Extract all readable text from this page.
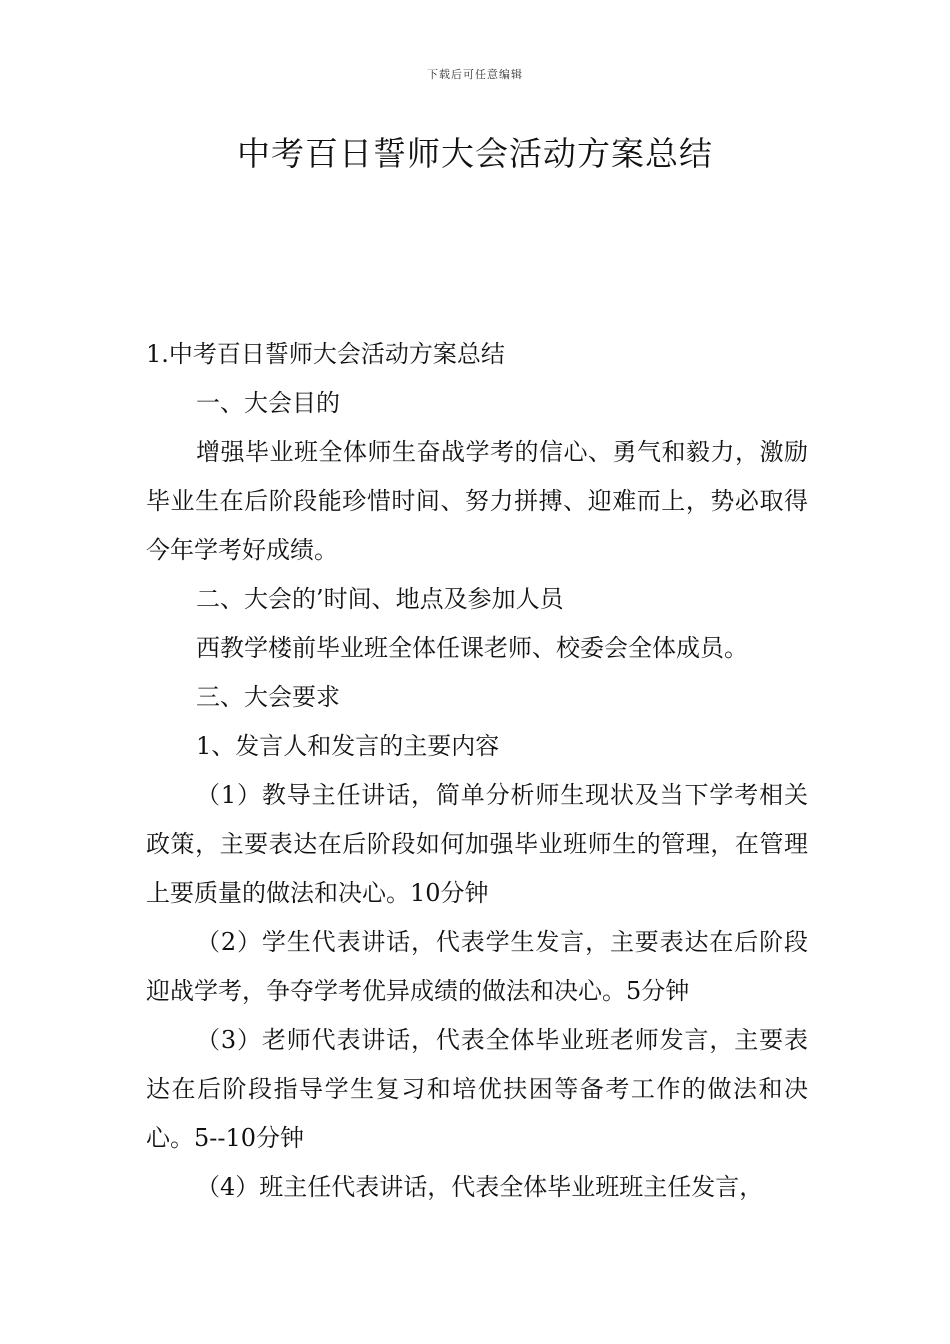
下载后可任意编辑
中考百日誓师大会活动方案总结

1.中考百日誓师大会活动方案总结

一、大会目的

增强毕业班全体师生奋战学考的信心、勇气和毅力，激励毕业生在后阶段能珍惜时间、努力拼搏、迎难而上，势必取得今年学考好成绩。

二、大会的’时间、地点及参加人员

西教学楼前毕业班全体任课老师、校委会全体成员。

三、大会要求

1、发言人和发言的主要内容

（1）教导主任讲话，简单分析师生现状及当下学考相关政策，主要表达在后阶段如何加强毕业班师生的管理，在管理上要质量的做法和决心。10分钟

（2）学生代表讲话，代表学生发言，主要表达在后阶段迎战学考，争夺学考优异成绩的做法和决心。5分钟

（3）老师代表讲话，代表全体毕业班老师发言，主要表达在后阶段指导学生复习和培优扶困等备考工作的做法和决心。5--10分钟

（4）班主任代表讲话，代表全体毕业班班主任发言，
